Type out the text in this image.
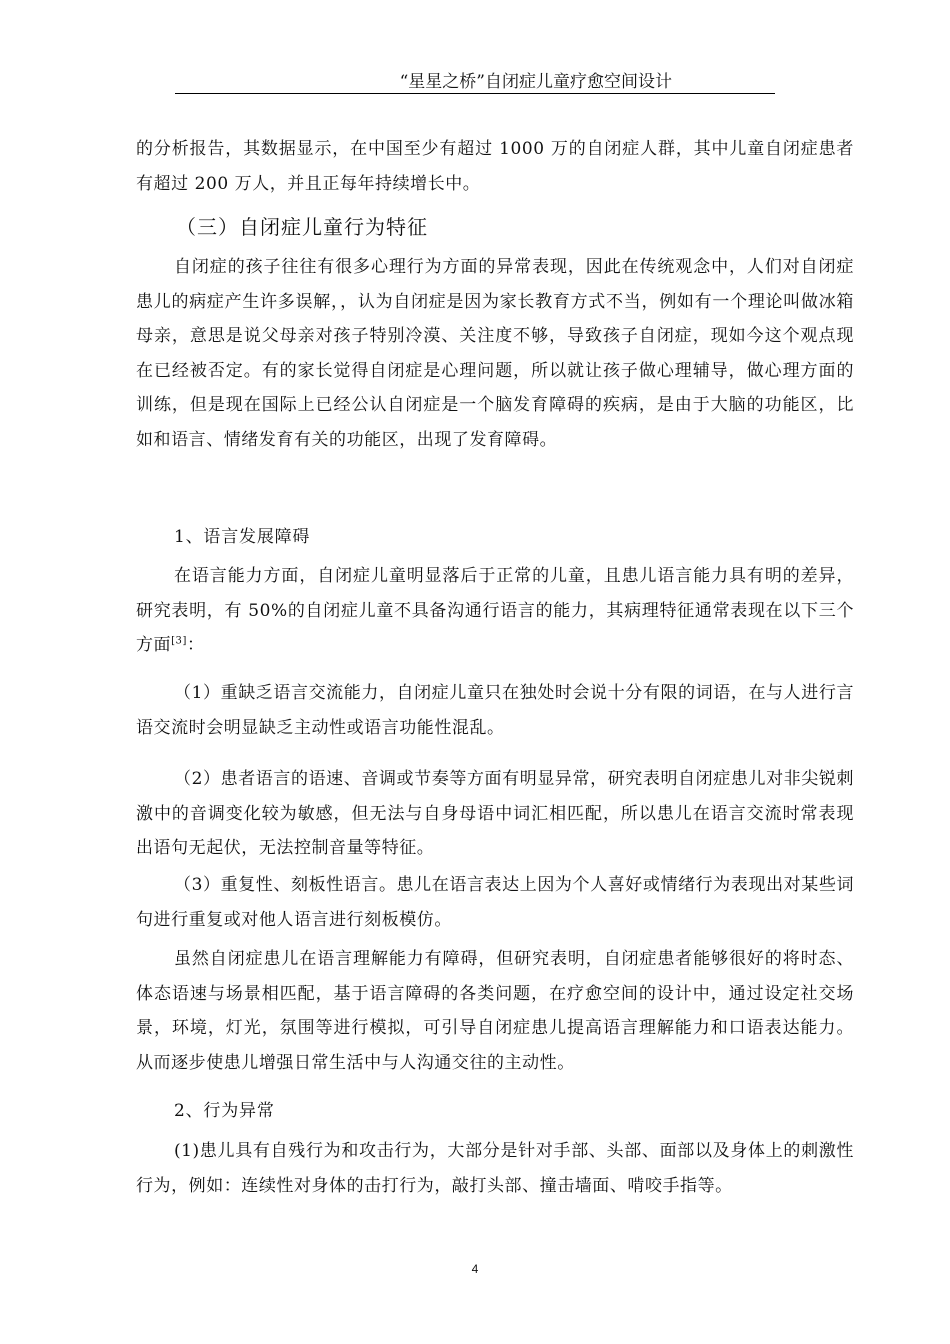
“星星之桥”自闭症儿童疗愈空间设计

的分析报告，其数据显示，在中国至少有超过 1000 万的自闭症人群，其中儿童自闭症患者有超过 200 万人，并且正每年持续增长中。

（三）自闭症儿童行为特征

自闭症的孩子往往有很多心理行为方面的异常表现，因此在传统观念中，人们对自闭症患儿的病症产生许多误解，，认为自闭症是因为家长教育方式不当，例如有一个理论叫做冰箱母亲，意思是说父母亲对孩子特别冷漠、关注度不够，导致孩子自闭症，现如今这个观点现在已经被否定。有的家长觉得自闭症是心理问题，所以就让孩子做心理辅导，做心理方面的训练，但是现在国际上已经公认自闭症是一个脑发育障碍的疾病，是由于大脑的功能区，比如和语言、情绪发育有关的功能区，出现了发育障碍。

1、语言发展障碍

在语言能力方面，自闭症儿童明显落后于正常的儿童，且患儿语言能力具有明的差异，研究表明，有 50%的自闭症儿童不具备沟通行语言的能力，其病理特征通常表现在以下三个方面[3]：

（1）重缺乏语言交流能力，自闭症儿童只在独处时会说十分有限的词语，在与人进行言语交流时会明显缺乏主动性或语言功能性混乱。

（2）患者语言的语速、音调或节奏等方面有明显异常，研究表明自闭症患儿对非尖锐刺激中的音调变化较为敏感，但无法与自身母语中词汇相匹配，所以患儿在语言交流时常表现出语句无起伏，无法控制音量等特征。

（3）重复性、刻板性语言。患儿在语言表达上因为个人喜好或情绪行为表现出对某些词句进行重复或对他人语言进行刻板模仿。

虽然自闭症患儿在语言理解能力有障碍，但研究表明，自闭症患者能够很好的将时态、体态语速与场景相匹配，基于语言障碍的各类问题，在疗愈空间的设计中，通过设定社交场景，环境，灯光，氛围等进行模拟，可引导自闭症患儿提高语言理解能力和口语表达能力。从而逐步使患儿增强日常生活中与人沟通交往的主动性。

2、行为异常

(1)患儿具有自残行为和攻击行为，大部分是针对手部、头部、面部以及身体上的刺激性行为，例如：连续性对身体的击打行为，敲打头部、撞击墙面、啃咬手指等。

4
